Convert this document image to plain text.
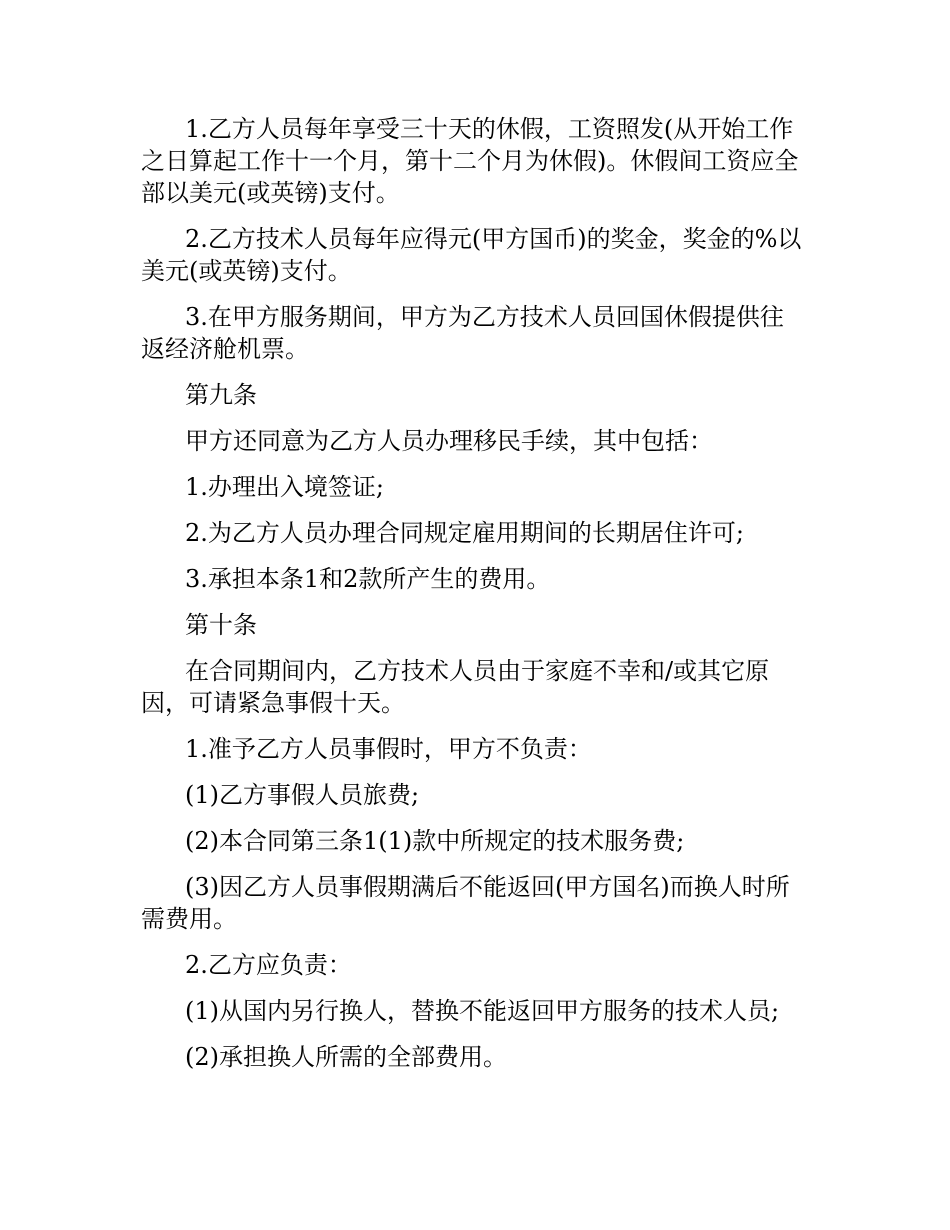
1.乙方人员每年享受三十天的休假，工资照发(从开始工作之日算起工作十一个月，第十二个月为休假)。休假间工资应全部以美元(或英镑)支付。

2.乙方技术人员每年应得元(甲方国币)的奖金，奖金的%以美元(或英镑)支付。

3.在甲方服务期间，甲方为乙方技术人员回国休假提供往返经济舱机票。

第九条

甲方还同意为乙方人员办理移民手续，其中包括：

1.办理出入境签证;

2.为乙方人员办理合同规定雇用期间的长期居住许可;

3.承担本条1和2款所产生的费用。

第十条

在合同期间内，乙方技术人员由于家庭不幸和/或其它原因，可请紧急事假十天。

1.准予乙方人员事假时，甲方不负责：

(1)乙方事假人员旅费;

(2)本合同第三条1(1)款中所规定的技术服务费;

(3)因乙方人员事假期满后不能返回(甲方国名)而换人时所需费用。

2.乙方应负责：

(1)从国内另行换人，替换不能返回甲方服务的技术人员;

(2)承担换人所需的全部费用。
